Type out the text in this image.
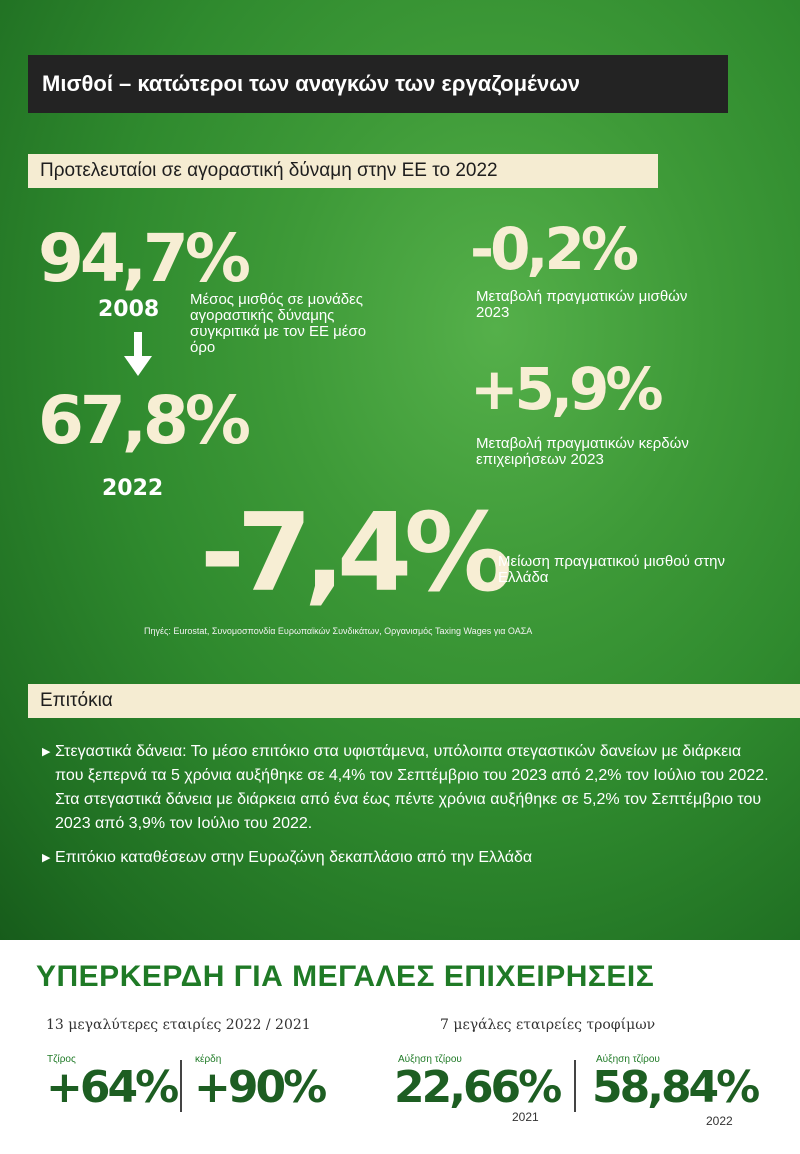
Μισθοί – κατώτεροι των αναγκών των εργαζομένων
Προτελευταίοι σε αγοραστική δύναμη στην ΕΕ το 2022
94,7%
2008
67,8%
2022
Μέσος μισθός σε μονάδες αγοραστικής δύναμης συγκριτικά με τον ΕΕ μέσο όρο
-0,2%
Μεταβολή πραγματικών μισθών 2023
+5,9%
Μεταβολή πραγματικών κερδών επιχειρήσεων 2023
-7,4%
Μείωση πραγματικού μισθού στην Ελλάδα
Πηγές: Eurostat, Συνομοσπονδία Ευρωπαϊκών Συνδικάτων, Οργανισμός Taxing Wages για ΟΑΣΑ
Επιτόκια
▶ Στεγαστικά δάνεια: Το μέσο επιτόκιο στα υφιστάμενα, υπόλοιπα στεγαστικών δανείων με διάρκεια που ξεπερνά τα 5 χρόνια αυξήθηκε σε 4,4% τον Σεπτέμβριο του 2023 από 2,2% τον Ιούλιο του 2022. Στα στεγαστικά δάνεια με διάρκεια από ένα έως πέντε χρόνια αυξήθηκε σε 5,2% τον Σεπτέμβριο του 2023 από 3,9% τον Ιούλιο του 2022.
▶ Επιτόκιο καταθέσεων στην Ευρωζώνη δεκαπλάσιο από την Ελλάδα
ΥΠΕΡΚΕΡΔΗ ΓΙΑ ΜΕΓΑΛΕΣ ΕΠΙΧΕΙΡΗΣΕΙΣ
13 μεγαλύτερες εταιρίες 2022 / 2021	7 μεγάλες εταιρείες τροφίμων
Τζίρος
+64%
κέρδη
+90%
Αύξηση τζίρου
22,66%
2021
Αύξηση τζίρου
58,84%
2022
